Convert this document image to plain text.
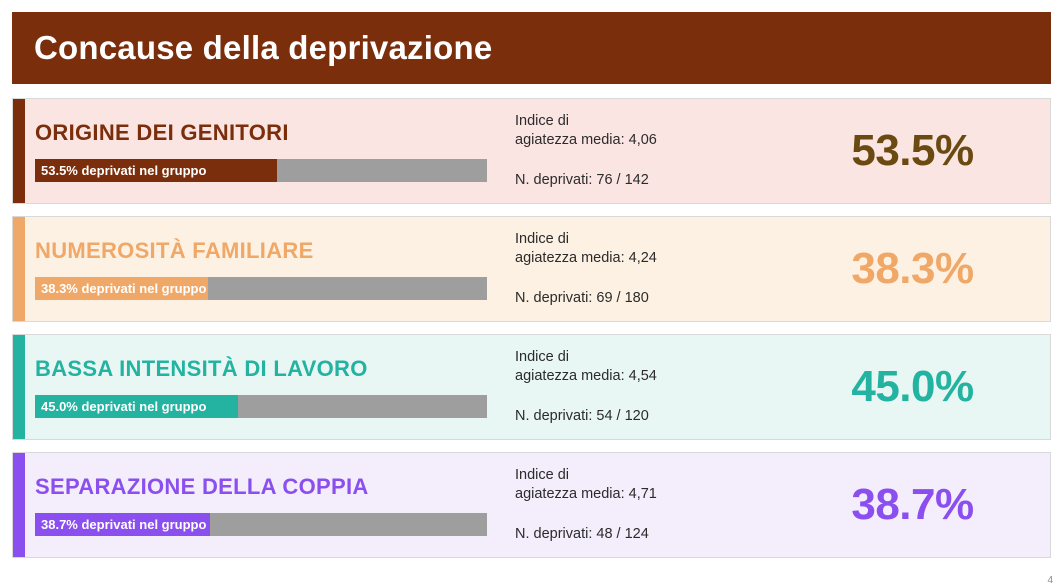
Concause della deprivazione
ORIGINE DEI GENITORI
53.5% deprivati nel gruppo
Indice di
agiatezza media: 4,06
N. deprivati: 76 / 142
53.5%
NUMEROSITÀ FAMILIARE
38.3% deprivati nel gruppo
Indice di
agiatezza media: 4,24
N. deprivati: 69 / 180
38.3%
BASSA INTENSITÀ DI LAVORO
45.0% deprivati nel gruppo
Indice di
agiatezza media: 4,54
N. deprivati: 54 / 120
45.0%
SEPARAZIONE DELLA COPPIA
38.7% deprivati nel gruppo
Indice di
agiatezza media: 4,71
N. deprivati: 48 / 124
38.7%
4
